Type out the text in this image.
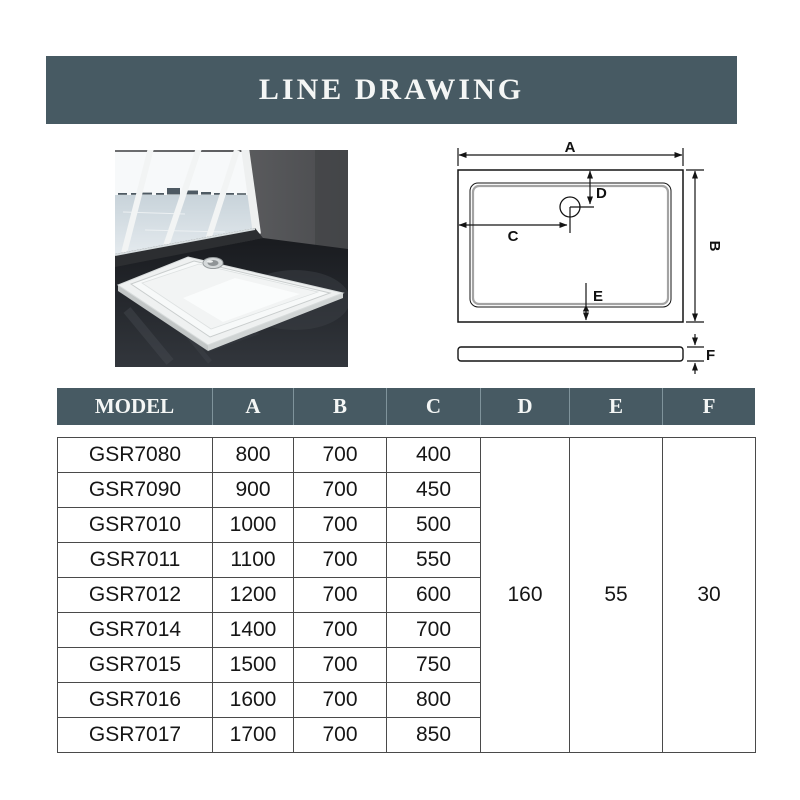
LINE DRAWING
A
B
C
D
E
F
MODEL	A	B	C	D	E	F
GSR7080	800	700	400	160	55	30
GSR7090	900	700	450			
GSR7010	1000	700	500			
GSR7011	1100	700	550			
GSR7012	1200	700	600			
GSR7014	1400	700	700			
GSR7015	1500	700	750			
GSR7016	1600	700	800			
GSR7017	1700	700	850			
